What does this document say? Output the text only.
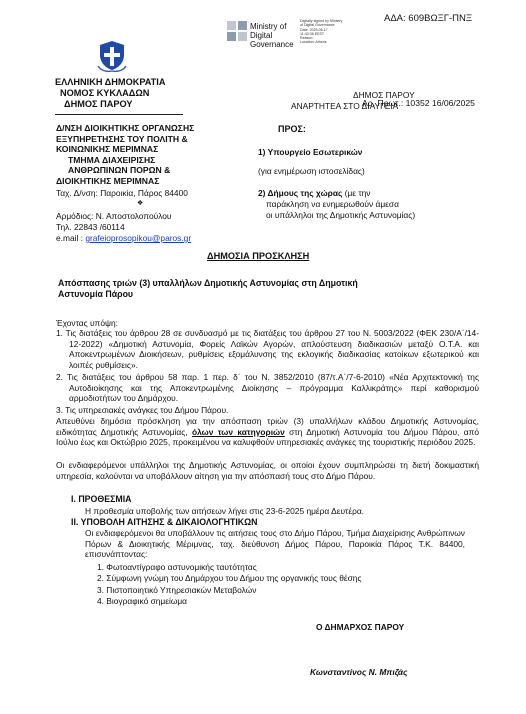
Ministry of
Digital
Governance
Digitally signed by Ministry
of Digital Governance
Date: 2025.06.17
11:43:38 EEST
Reason:
Location: Athens
ΑΔΑ: 609ΒΩΞΓ-ΠΝΞ
ΕΛΛΗΝΙΚΗ ΔΗΜΟΚΡΑΤΙΑ
ΝΟΜΟΣ ΚΥΚΛΑΔΩΝ
ΔΗΜΟΣ ΠΑΡΟΥ
ΔΗΜΟΣ ΠΑΡΟΥ
ΑΝΑΡΤΗΤΕΑ ΣΤΟ ΔΙΑΥΓΕΙΑ
Αρ. Πρωτ.: 10352 16/06/2025
Δ/ΝΣΗ ΔΙΟΙΚΗΤΙΚΗΣ ΟΡΓΑΝΩΣΗΣ
ΕΞΥΠΗΡΕΤΗΣΗΣ ΤΟΥ ΠΟΛΙΤΗ &
ΚΟΙΝΩΝΙΚΗΣ ΜΕΡΙΜΝΑΣ
ΤΜΗΜΑ ΔΙΑΧΕΙΡΙΣΗΣ
ΑΝΘΡΩΠΙΝΩΝ ΠΟΡΩΝ &
ΔΙΟΙΚΗΤΙΚΗΣ ΜΕΡΙΜΝΑΣ
Ταχ. Δ/νση: Παροικία, Πάρος 84400
❖
Αρμόδιος: Ν. Αποστολοπούλου
Τηλ. 22843 /60114
e.mail : grafeioprosopikou@paros.gr
ΠΡΟΣ:
1) Υπουργείο Εσωτερικών
(για ενημέρωση ιστοσελίδας)
2) Δήμους της χώρας (με την
παράκληση να ενημερωθούν άμεσα
οι υπάλληλοι της Δημοτικής Αστυνομίας)
ΔΗΜΟΣΙΑ ΠΡΟΣΚΛΗΣΗ
Απόσπασης τριών (3) υπαλλήλων Δημοτικής Αστυνομίας στη Δημοτική
Αστυνομία Πάρου
Έχοντας υπόψη:
1. Τις διατάξεις του άρθρου 28 σε συνδυασμό με τις διατάξεις του άρθρου 27 του Ν. 5003/2022 (ΦΕΚ 230/Α΄/14-12-2022) «Δημοτική Αστυνομία, Φορείς Λαϊκών Αγορών, απλούστευση διαδικασιών μεταξύ Ο.Τ.Α. και Αποκεντρωμένων Διοικήσεων, ρυθμίσεις εξομάλυνσης της εκλογικής διαδικασίας κατοίκων εξωτερικού και λοιπές ρυθμίσεις».
2. Τις διατάξεις του άρθρου 58 παρ. 1 περ. δ΄ του Ν. 3852/2010 (87/τ.Α΄/7-6-2010) «Νέα Αρχιτεκτονική της Αυτοδιοίκησης και της Αποκεντρωμένης Διοίκησης – πρόγραμμα Καλλικράτης» περί καθορισμού αρμοδιοτήτων του Δημάρχου.
3. Τις υπηρεσιακές ανάγκες του Δήμου Πάρου.
Απευθύνει δημόσια πρόσκληση για την απόσπαση τριών (3) υπαλλήλων κλάδου Δημοτικής Αστυνομίας, ειδικότητας Δημοτικής Αστυνομίας, όλων των κατηγοριών στη Δημοτική Αστυνομία του Δήμου Πάρου, από Ιούλιο έως και Οκτώβριο 2025, προκειμένου να καλυφθούν υπηρεσιακές ανάγκες της τουριστικής περιόδου 2025.
Οι ενδιαφερόμενοι υπάλληλοι της Δημοτικής Αστυνομίας, οι οποίοι έχουν συμπληρώσει τη διετή δοκιμαστική υπηρεσία, καλούνται να υποβάλλουν αίτηση για την απόσπασή τους στο Δήμο Πάρου.
Ι. ΠΡΟΘΕΣΜΙΑ
Η προθεσμία υποβολής των αιτήσεων λήγει στις 23-6-2025 ημέρα Δευτέρα.
ΙΙ. ΥΠΟΒΟΛΗ ΑΙΤΗΣΗΣ & ΔΙΚΑΙΟΛΟΓΗΤΙΚΩΝ
Οι ενδιαφερόμενοι θα υποβάλλουν τις αιτήσεις τους στο Δήμο Πάρου, Τμήμα Διαχείρισης Ανθρώπινων Πόρων & Διοικητικής Μέριμνας, ταχ. διεύθυνση Δήμος Πάρου, Παροικία Πάρος Τ.Κ. 84400, επισυνάπτοντας:
1. Φωτοαντίγραφο αστυνομικής ταυτότητας
2. Σύμφωνη γνώμη του Δημάρχου του Δήμου της οργανικής τους θέσης
3. Πιστοποιητικό Υπηρεσιακών Μεταβολών
4. Βιογραφικό σημείωμα
Ο ΔΗΜΑΡΧΟΣ ΠΑΡΟΥ
Κωνσταντίνος Ν. Μπιζάς
